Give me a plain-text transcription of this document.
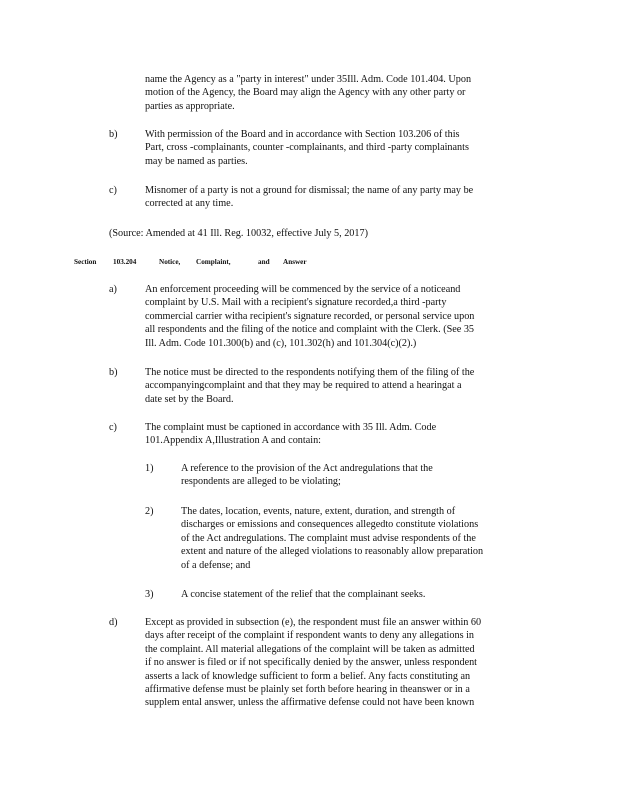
name the Agency as a "party in interest" under 35Ill. Adm. Code 101.404. Upon

motion of the Agency, the Board may align the Agency with any other party or

parties as appropriate.

b)	With permission of the Board and in accordance with Section 103.206 of this

Part, cross -complainants, counter -complainants, and third -party complainants

may be named as parties.

c)	Misnomer of a party is not a ground for dismissal; the name of any party may be

corrected at any time.

(Source: Amended at 41 Ill. Reg. 10032, effective July 5, 2017)

Section 103.204	Notice, Complaint,	and Answer
a)	An enforcement proceeding will be commenced by the service of a noticeand

complaint by U.S. Mail with a recipient's signature recorded,a third -party

commercial carrier witha recipient's signature recorded, or personal service upon

all respondents and the filing of the notice and complaint with the Clerk. (See 35

Ill. Adm. Code 101.300(b) and (c), 101.302(h) and 101.304(c)(2).)

b)	The notice must be directed to the respondents notifying them of the filing of the

accompanyingcomplaint and that they may be required to attend a hearingat a

date set by the Board.

c)	The complaint must be captioned in accordance with 35 Ill. Adm. Code

101.Appendix A,Illustration A and contain:

1)	A reference to the provision of the Act andregulations that the

respondents are alleged to be violating;

2)	The dates, location, events, nature, extent, duration, and strength of

discharges or emissions and consequences allegedto constitute violations

of the Act andregulations. The complaint must advise respondents of the

extent and nature of the alleged violations to reasonably allow preparation

of a defense; and

3)	A concise statement of the relief that the complainant seeks.

d)	Except as provided in subsection (e), the respondent must file an answer within 60

days after receipt of the complaint if respondent wants to deny any allegations in

the complaint. All material allegations of the complaint will be taken as admitted

if no answer is filed or if not specifically denied by the answer, unless respondent

asserts a lack of knowledge sufficient to form a belief. Any facts constituting an

affirmative defense must be plainly set forth before hearing in theanswer or in a

supplem ental answer, unless the affirmative defense could not have been known
